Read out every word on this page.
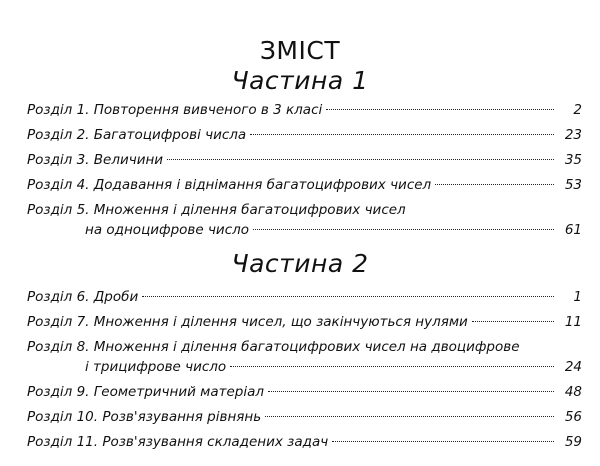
ЗМІСТ
Частина 1
Розділ 1. Повторення вивченого в 3 класі	2
Розділ 2. Багатоцифрові числа	23
Розділ 3. Величини	35
Розділ 4. Додавання і віднімання багатоцифрових чисел	53
Розділ 5. Множення і ділення багатоцифрових чисел
на одноцифрове число	61
Частина 2
Розділ 6. Дроби	1
Розділ 7. Множення і ділення чисел, що закінчуються нулями	11
Розділ 8. Множення і ділення багатоцифрових чисел на двоцифрове
і трицифрове число	24
Розділ 9. Геометричний матеріал	48
Розділ 10. Розв'язування рівнянь	56
Розділ 11. Розв'язування складених задач	59
